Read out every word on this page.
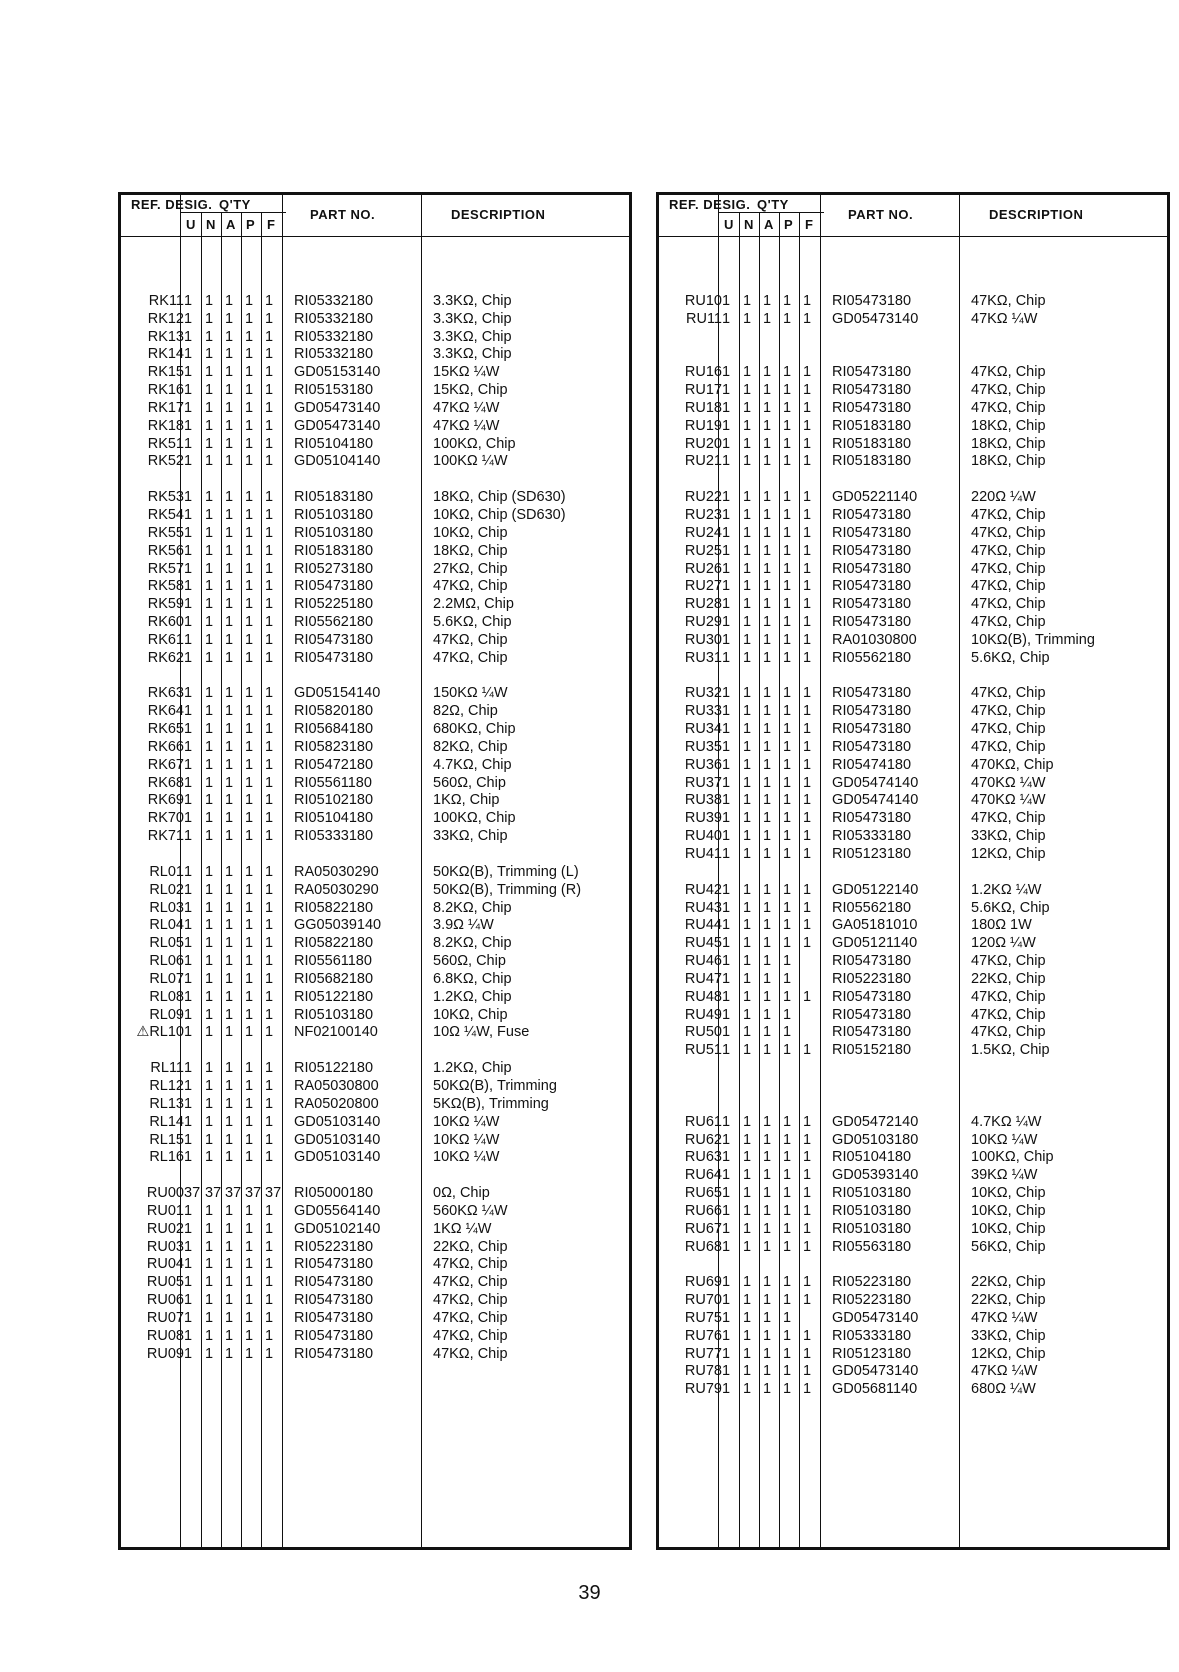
REF. DESIG. Q'TY
U N A P F
PART NO.	DESCRIPTION
RK11 1 1 1 1 1 RI05332180	3.3KΩ, Chip
RK12 1 1 1 1 1 RI05332180	3.3KΩ, Chip
RK13 1 1 1 1 1 RI05332180	3.3KΩ, Chip
RK14 1 1 1 1 1 RI05332180	3.3KΩ, Chip
RK15 1 1 1 1 1 GD05153140	15KΩ ¼W
RK16 1 1 1 1 1 RI05153180	15KΩ, Chip
RK17 1 1 1 1 1 GD05473140	47KΩ ¼W
RK18 1 1 1 1 1 GD05473140	47KΩ ¼W
RK51 1 1 1 1 1 RI05104180	100KΩ, Chip
RK52 1 1 1 1 1 GD05104140	100KΩ ¼W
RK53 1 1 1 1 1 RI05183180	18KΩ, Chip (SD630)
RK54 1 1 1 1 1 RI05103180	10KΩ, Chip (SD630)
RK55 1 1 1 1 1 RI05103180	10KΩ, Chip
RK56 1 1 1 1 1 RI05183180	18KΩ, Chip
RK57 1 1 1 1 1 RI05273180	27KΩ, Chip
RK58 1 1 1 1 1 RI05473180	47KΩ, Chip
RK59 1 1 1 1 1 RI05225180	2.2MΩ, Chip
RK60 1 1 1 1 1 RI05562180	5.6KΩ, Chip
RK61 1 1 1 1 1 RI05473180	47KΩ, Chip
RK62 1 1 1 1 1 RI05473180	47KΩ, Chip
RK63 1 1 1 1 1 GD05154140	150KΩ ¼W
RK64 1 1 1 1 1 RI05820180	82Ω, Chip
RK65 1 1 1 1 1 RI05684180	680KΩ, Chip
RK66 1 1 1 1 1 RI05823180	82KΩ, Chip
RK67 1 1 1 1 1 RI05472180	4.7KΩ, Chip
RK68 1 1 1 1 1 RI05561180	560Ω, Chip
RK69 1 1 1 1 1 RI05102180	1KΩ, Chip
RK70 1 1 1 1 1 RI05104180	100KΩ, Chip
RK71 1 1 1 1 1 RI05333180	33KΩ, Chip
RL01 1 1 1 1 1 RA05030290	50KΩ(B), Trimming (L)
RL02 1 1 1 1 1 RA05030290	50KΩ(B), Trimming (R)
RL03 1 1 1 1 1 RI05822180	8.2KΩ, Chip
RL04 1 1 1 1 1 GG05039140	3.9Ω ¼W
RL05 1 1 1 1 1 RI05822180	8.2KΩ, Chip
RL06 1 1 1 1 1 RI05561180	560Ω, Chip
RL07 1 1 1 1 1 RI05682180	6.8KΩ, Chip
RL08 1 1 1 1 1 RI05122180	1.2KΩ, Chip
RL09 1 1 1 1 1 RI05103180	10KΩ, Chip
⚠RL10 1 1 1 1 1 NF02100140	10Ω ¼W, Fuse
RL11 1 1 1 1 1 RI05122180	1.2KΩ, Chip
RL12 1 1 1 1 1 RA05030800	50KΩ(B), Trimming
RL13 1 1 1 1 1 RA05020800	5KΩ(B), Trimming
RL14 1 1 1 1 1 GD05103140	10KΩ ¼W
RL15 1 1 1 1 1 GD05103140	10KΩ ¼W
RL16 1 1 1 1 1 GD05103140	10KΩ ¼W
RU00 37 37 37 37 37 RI05000180	0Ω, Chip
RU01 1 1 1 1 1 GD05564140	560KΩ ¼W
RU02 1 1 1 1 1 GD05102140	1KΩ ¼W
RU03 1 1 1 1 1 RI05223180	22KΩ, Chip
RU04 1 1 1 1 1 RI05473180	47KΩ, Chip
RU05 1 1 1 1 1 RI05473180	47KΩ, Chip
RU06 1 1 1 1 1 RI05473180	47KΩ, Chip
RU07 1 1 1 1 1 RI05473180	47KΩ, Chip
RU08 1 1 1 1 1 RI05473180	47KΩ, Chip
RU09 1 1 1 1 1 RI05473180	47KΩ, Chip
REF. DESIG. Q'TY
U N A P F
PART NO.	DESCRIPTION
RU10 1 1 1 1 1 RI05473180	47KΩ, Chip
RU11 1 1 1 1 1 GD05473140	47KΩ ¼W
RU16 1 1 1 1 1 RI05473180	47KΩ, Chip
RU17 1 1 1 1 1 RI05473180	47KΩ, Chip
RU18 1 1 1 1 1 RI05473180	47KΩ, Chip
RU19 1 1 1 1 1 RI05183180	18KΩ, Chip
RU20 1 1 1 1 1 RI05183180	18KΩ, Chip
RU21 1 1 1 1 1 RI05183180	18KΩ, Chip
RU22 1 1 1 1 1 GD05221140	220Ω ¼W
RU23 1 1 1 1 1 RI05473180	47KΩ, Chip
RU24 1 1 1 1 1 RI05473180	47KΩ, Chip
RU25 1 1 1 1 1 RI05473180	47KΩ, Chip
RU26 1 1 1 1 1 RI05473180	47KΩ, Chip
RU27 1 1 1 1 1 RI05473180	47KΩ, Chip
RU28 1 1 1 1 1 RI05473180	47KΩ, Chip
RU29 1 1 1 1 1 RI05473180	47KΩ, Chip
RU30 1 1 1 1 1 RA01030800	10KΩ(B), Trimming
RU31 1 1 1 1 1 RI05562180	5.6KΩ, Chip
RU32 1 1 1 1 1 RI05473180	47KΩ, Chip
RU33 1 1 1 1 1 RI05473180	47KΩ, Chip
RU34 1 1 1 1 1 RI05473180	47KΩ, Chip
RU35 1 1 1 1 1 RI05473180	47KΩ, Chip
RU36 1 1 1 1 1 RI05474180	470KΩ, Chip
RU37 1 1 1 1 1 GD05474140	470KΩ ¼W
RU38 1 1 1 1 1 GD05474140	470KΩ ¼W
RU39 1 1 1 1 1 RI05473180	47KΩ, Chip
RU40 1 1 1 1 1 RI05333180	33KΩ, Chip
RU41 1 1 1 1 1 RI05123180	12KΩ, Chip
RU42 1 1 1 1 1 GD05122140	1.2KΩ ¼W
RU43 1 1 1 1 1 RI05562180	5.6KΩ, Chip
RU44 1 1 1 1 1 GA05181010	180Ω 1W
RU45 1 1 1 1 1 GD05121140	120Ω ¼W
RU46 1 1 1 1	RI05473180	47KΩ, Chip
RU47 1 1 1 1	RI05223180	22KΩ, Chip
RU48 1 1 1 1 1 RI05473180	47KΩ, Chip
RU49 1 1 1 1	RI05473180	47KΩ, Chip
RU50 1 1 1 1	RI05473180	47KΩ, Chip
RU51 1 1 1 1 1 RI05152180	1.5KΩ, Chip
RU61 1 1 1 1 1 GD05472140	4.7KΩ ¼W
RU62 1 1 1 1 1 GD05103180	10KΩ ¼W
RU63 1 1 1 1 1 RI05104180	100KΩ, Chip
RU64 1 1 1 1 1 GD05393140	39KΩ ¼W
RU65 1 1 1 1 1 RI05103180	10KΩ, Chip
RU66 1 1 1 1 1 RI05103180	10KΩ, Chip
RU67 1 1 1 1 1 RI05103180	10KΩ, Chip
RU68 1 1 1 1 1 RI05563180	56KΩ, Chip
RU69 1 1 1 1 1 RI05223180	22KΩ, Chip
RU70 1 1 1 1 1 RI05223180	22KΩ, Chip
RU75 1 1 1 1	GD05473140	47KΩ ¼W
RU76 1 1 1 1 1 RI05333180	33KΩ, Chip
RU77 1 1 1 1 1 RI05123180	12KΩ, Chip
RU78 1 1 1 1 1 GD05473140	47KΩ ¼W
RU79 1 1 1 1 1 GD05681140	680Ω ¼W
39
